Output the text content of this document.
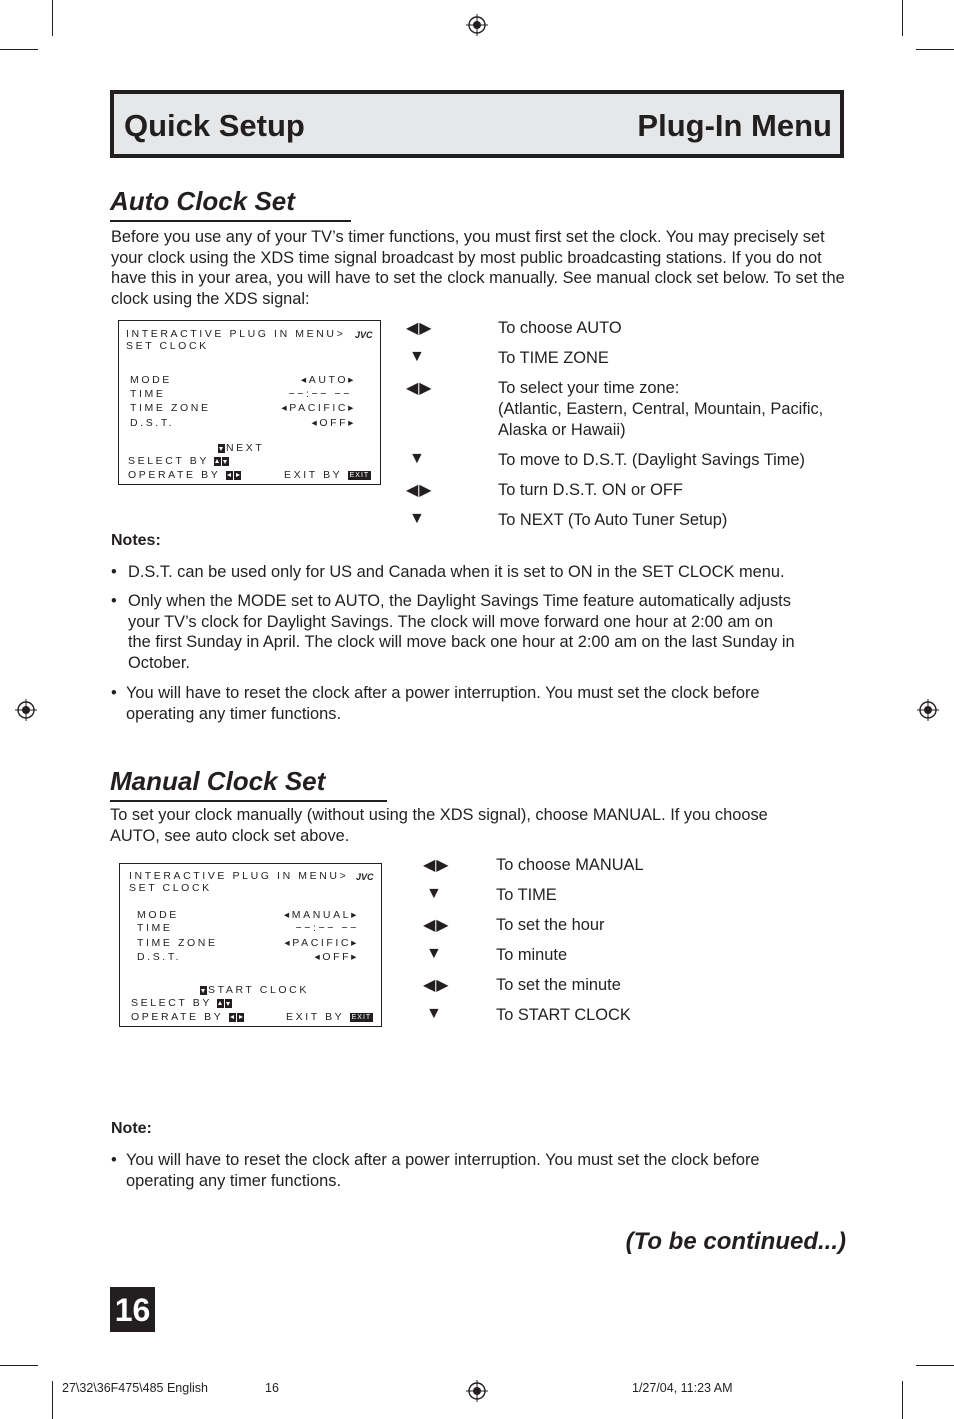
Quick Setup	Plug-In Menu
Auto Clock Set
Before you use any of your TV’s timer functions, you must first set the clock. You may precisely set your clock using the XDS time signal broadcast by most public broadcasting stations. If you do not have this in your area, you will have to set the clock manually. See manual clock set below. To set the clock using the XDS signal:
INTERACTIVE PLUG IN MENU> JVC
SET CLOCK
MODE	◂AUTO▸
TIME	−−:−− −−
TIME ZONE	◂PACIFIC▸
D.S.T.	◂OFF▸
NEXT
SELECT BY
OPERATE BY	EXIT BY EXIT
◀▶	To choose AUTO
▼	To TIME ZONE
◀▶	To select your time zone:
(Atlantic, Eastern, Central, Mountain, Pacific,
Alaska or Hawaii)
▼	To move to D.S.T. (Daylight Savings Time)
◀▶	To turn D.S.T. ON or OFF
▼	To NEXT (To Auto Tuner Setup)
Notes:
• D.S.T. can be used only for US and Canada when it is set to ON in the SET CLOCK menu.
• Only when the MODE set to AUTO, the Daylight Savings Time feature automatically adjusts
your TV’s clock for Daylight Savings. The clock will move forward one hour at 2:00 am on
the first Sunday in April. The clock will move back one hour at 2:00 am on the last Sunday in
October.
• You will have to reset the clock after a power interruption. You must set the clock before
operating any timer functions.
Manual Clock Set
To set your clock manually (without using the XDS signal), choose MANUAL. If you choose
AUTO, see auto clock set above.
INTERACTIVE PLUG IN MENU> JVC
SET CLOCK
MODE	◂MANUAL▸
TIME	−−:−− −−
TIME ZONE	◂PACIFIC▸
D.S.T.	◂OFF▸
START CLOCK
SELECT BY
OPERATE BY	EXIT BY EXIT
◀▶	To choose MANUAL
▼	To TIME
◀▶	To set the hour
▼	To minute
◀▶	To set the minute
▼	To START CLOCK
Note:
• You will have to reset the clock after a power interruption. You must set the clock before
operating any timer functions.
(To be continued...)
16
27\32\36F475\485 English	16	1/27/04, 11:23 AM
